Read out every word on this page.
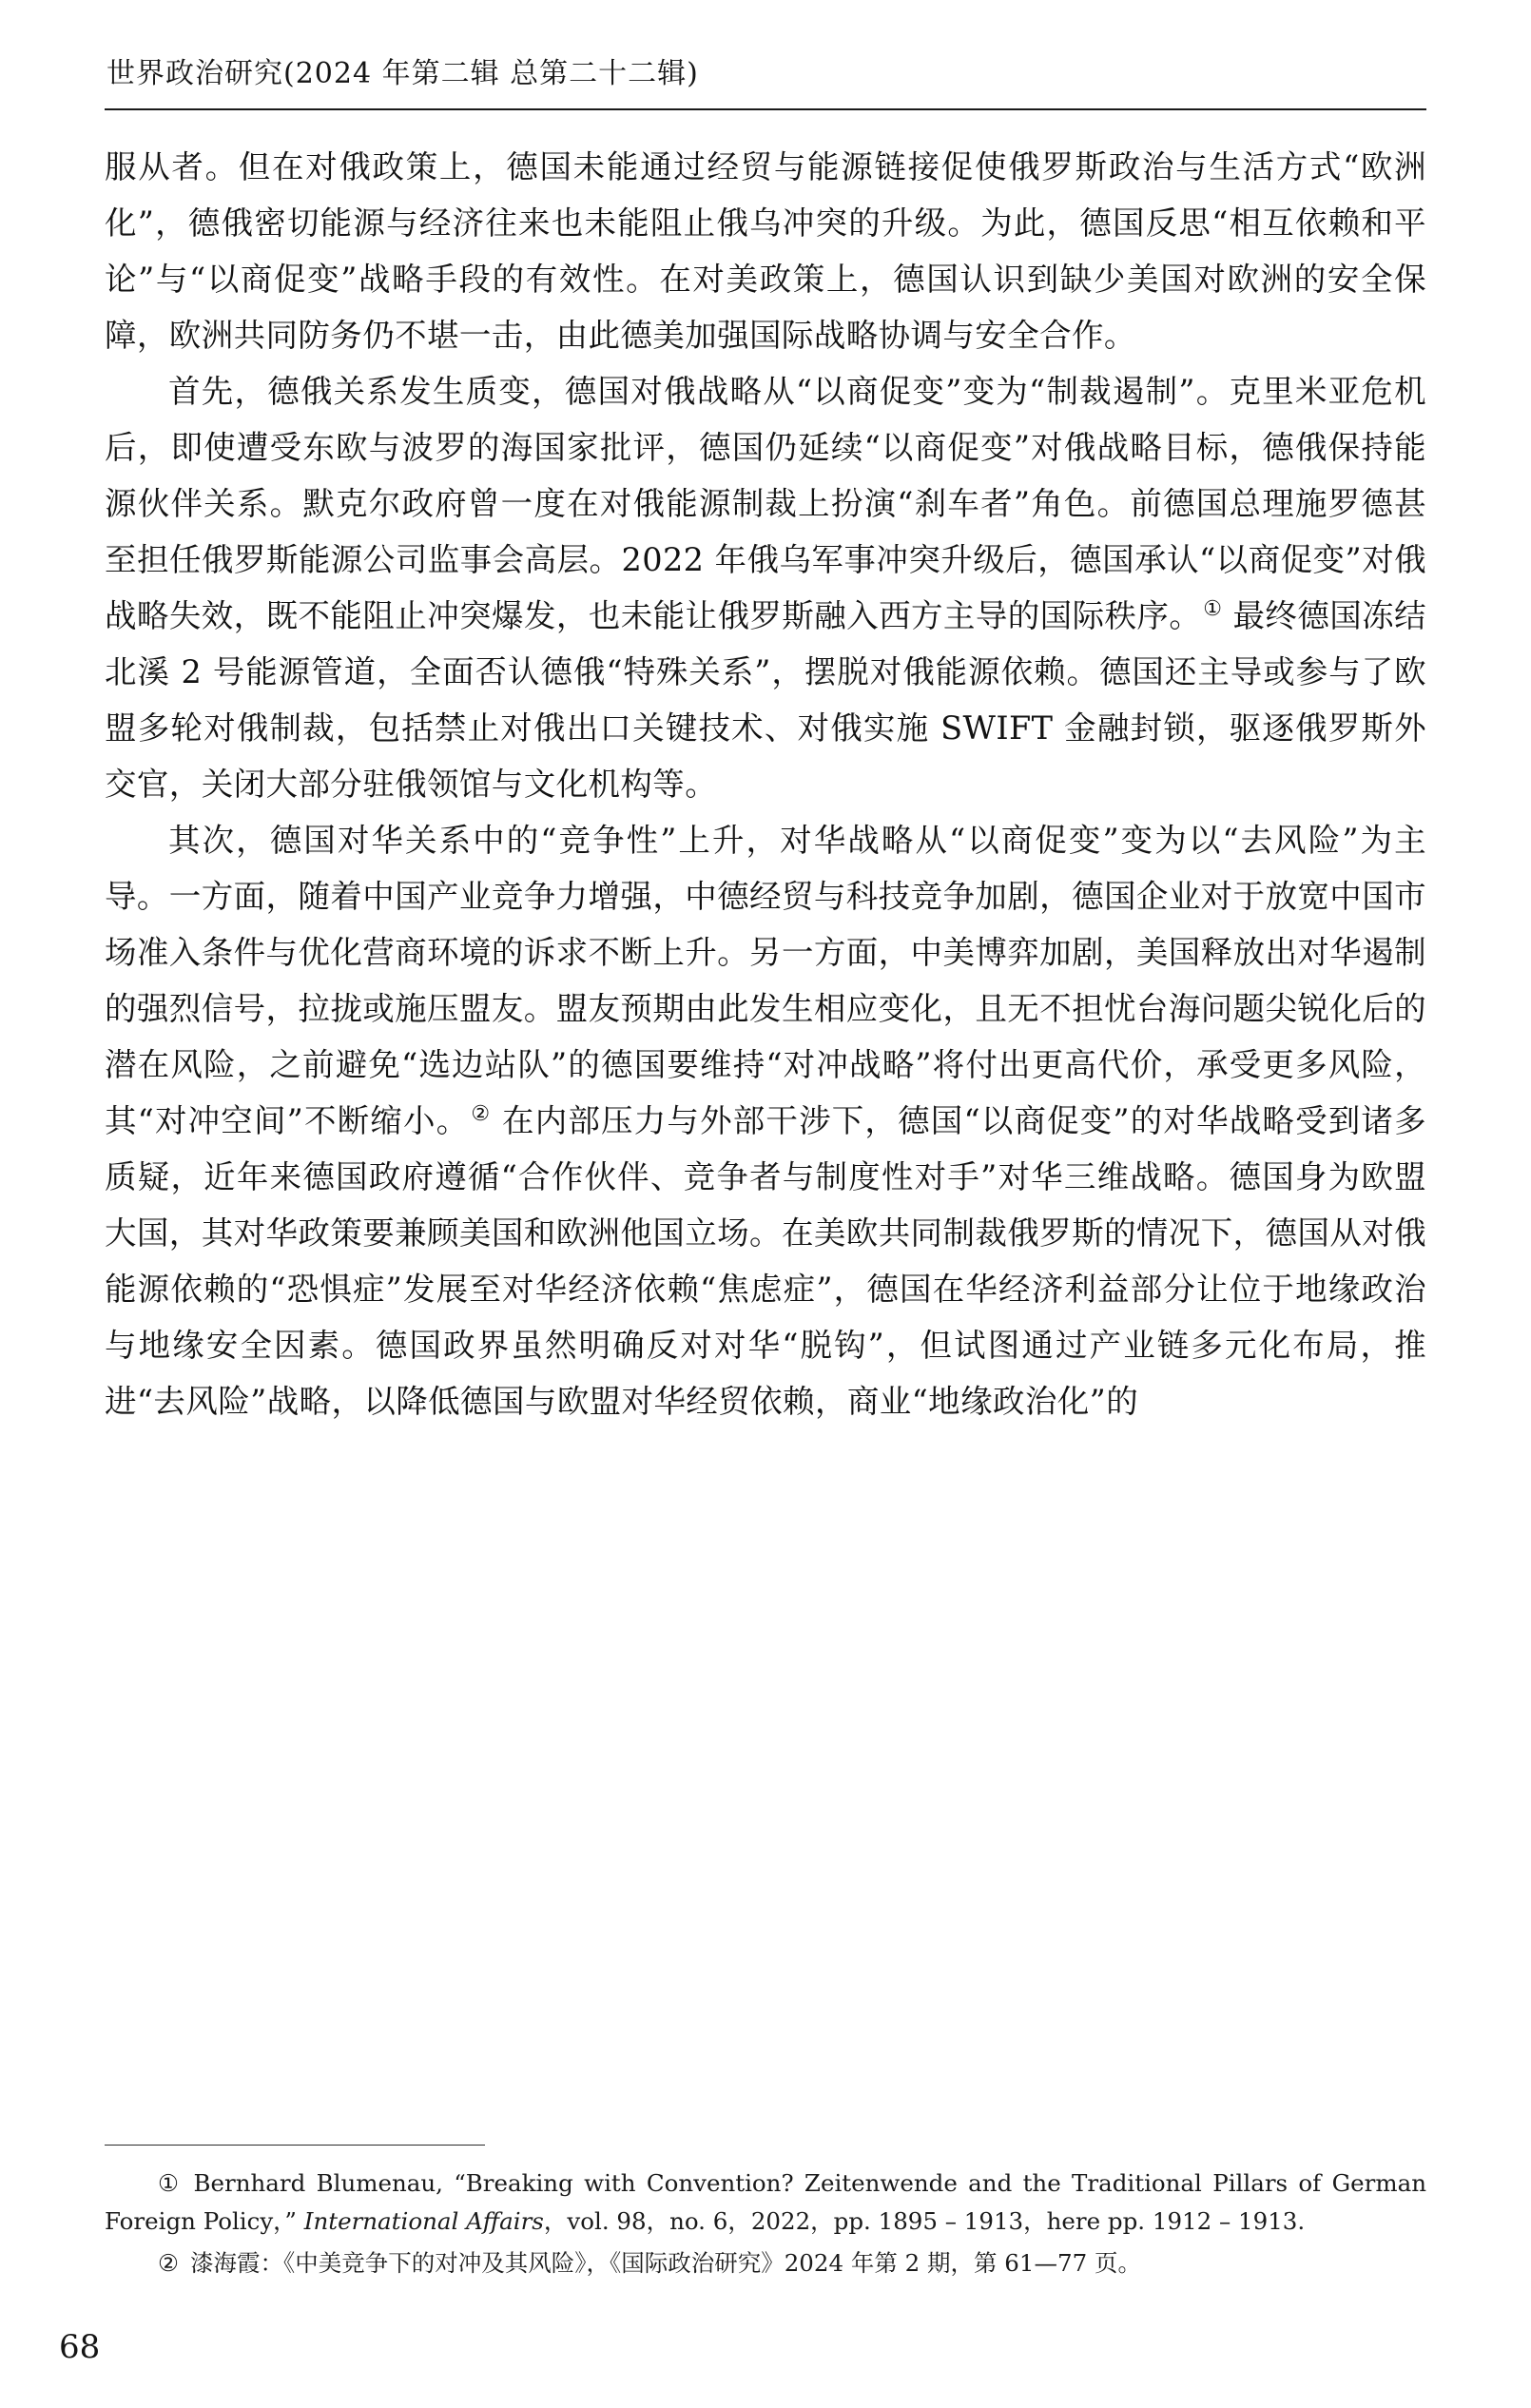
世界政治研究(2024 年第二辑 总第二十二辑)

服从者。但在对俄政策上，德国未能通过经贸与能源链接促使俄罗斯政治与生活方式“欧洲化”，德俄密切能源与经济往来也未能阻止俄乌冲突的升级。为此，德国反思“相互依赖和平论”与“以商促变”战略手段的有效性。在对美政策上，德国认识到缺少美国对欧洲的安全保障，欧洲共同防务仍不堪一击，由此德美加强国际战略协调与安全合作。

首先，德俄关系发生质变，德国对俄战略从“以商促变”变为“制裁遏制”。克里米亚危机后，即使遭受东欧与波罗的海国家批评，德国仍延续“以商促变”对俄战略目标，德俄保持能源伙伴关系。默克尔政府曾一度在对俄能源制裁上扮演“刹车者”角色。前德国总理施罗德甚至担任俄罗斯能源公司监事会高层。2022 年俄乌军事冲突升级后，德国承认“以商促变”对俄战略失效，既不能阻止冲突爆发，也未能让俄罗斯融入西方主导的国际秩序。① 最终德国冻结北溪 2 号能源管道，全面否认德俄“特殊关系”，摆脱对俄能源依赖。德国还主导或参与了欧盟多轮对俄制裁，包括禁止对俄出口关键技术、对俄实施 SWIFT 金融封锁，驱逐俄罗斯外交官，关闭大部分驻俄领馆与文化机构等。

其次，德国对华关系中的“竞争性”上升，对华战略从“以商促变”变为以“去风险”为主导。一方面，随着中国产业竞争力增强，中德经贸与科技竞争加剧，德国企业对于放宽中国市场准入条件与优化营商环境的诉求不断上升。另一方面，中美博弈加剧，美国释放出对华遏制的强烈信号，拉拢或施压盟友。盟友预期由此发生相应变化，且无不担忧台海问题尖锐化后的潜在风险，之前避免“选边站队”的德国要维持“对冲战略”将付出更高代价，承受更多风险，其“对冲空间”不断缩小。② 在内部压力与外部干涉下，德国“以商促变”的对华战略受到诸多质疑，近年来德国政府遵循“合作伙伴、竞争者与制度性对手”对华三维战略。德国身为欧盟大国，其对华政策要兼顾美国和欧洲他国立场。在美欧共同制裁俄罗斯的情况下，德国从对俄能源依赖的“恐惧症”发展至对华经济依赖“焦虑症”，德国在华经济利益部分让位于地缘政治与地缘安全因素。德国政界虽然明确反对对华“脱钩”，但试图通过产业链多元化布局，推进“去风险”战略，以降低德国与欧盟对华经贸依赖，商业“地缘政治化”的

① Bernhard Blumenau, “Breaking with Convention? Zeitenwende and the Traditional Pillars of German Foreign Policy，” International Affairs，vol. 98，no. 6，2022，pp. 1895 – 1913，here pp. 1912 – 1913.
② 漆海霞：《中美竞争下的对冲及其风险》，《国际政治研究》2024 年第 2 期，第 61—77 页。
68
